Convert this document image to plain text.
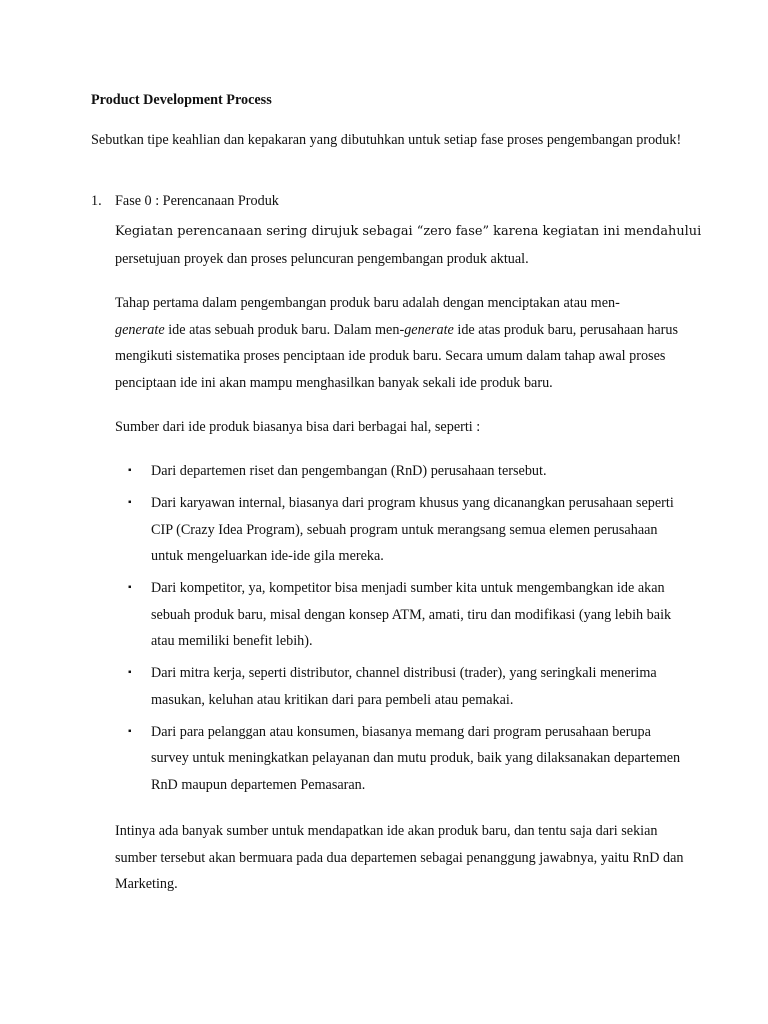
Product Development Process
Sebutkan tipe keahlian dan kepakaran yang dibutuhkan untuk setiap fase proses pengembangan produk!
1. Fase 0 : Perencanaan Produk
Kegiatan perencanaan sering dirujuk sebagai “zero fase” karena kegiatan ini mendahului
persetujuan proyek dan proses peluncuran pengembangan produk aktual.
Tahap pertama dalam pengembangan produk baru adalah dengan menciptakan atau men-
generate ide atas sebuah produk baru. Dalam men-generate ide atas produk baru, perusahaan harus mengikuti sistematika proses penciptaan ide produk baru. Secara umum dalam tahap awal proses penciptaan ide ini akan mampu menghasilkan banyak sekali ide produk baru.
Sumber dari ide produk biasanya bisa dari berbagai hal, seperti :
▪ Dari departemen riset dan pengembangan (RnD) perusahaan tersebut.
▪ Dari karyawan internal, biasanya dari program khusus yang dicanangkan perusahaan seperti CIP (Crazy Idea Program), sebuah program untuk merangsang semua elemen perusahaan untuk mengeluarkan ide-ide gila mereka.
▪ Dari kompetitor, ya, kompetitor bisa menjadi sumber kita untuk mengembangkan ide akan sebuah produk baru, misal dengan konsep ATM, amati, tiru dan modifikasi (yang lebih baik atau memiliki benefit lebih).
▪ Dari mitra kerja, seperti distributor, channel distribusi (trader), yang seringkali menerima masukan, keluhan atau kritikan dari para pembeli atau pemakai.
▪ Dari para pelanggan atau konsumen, biasanya memang dari program perusahaan berupa survey untuk meningkatkan pelayanan dan mutu produk, baik yang dilaksanakan departemen RnD maupun departemen Pemasaran.
Intinya ada banyak sumber untuk mendapatkan ide akan produk baru, dan tentu saja dari sekian sumber tersebut akan bermuara pada dua departemen sebagai penanggung jawabnya, yaitu RnD dan Marketing.
